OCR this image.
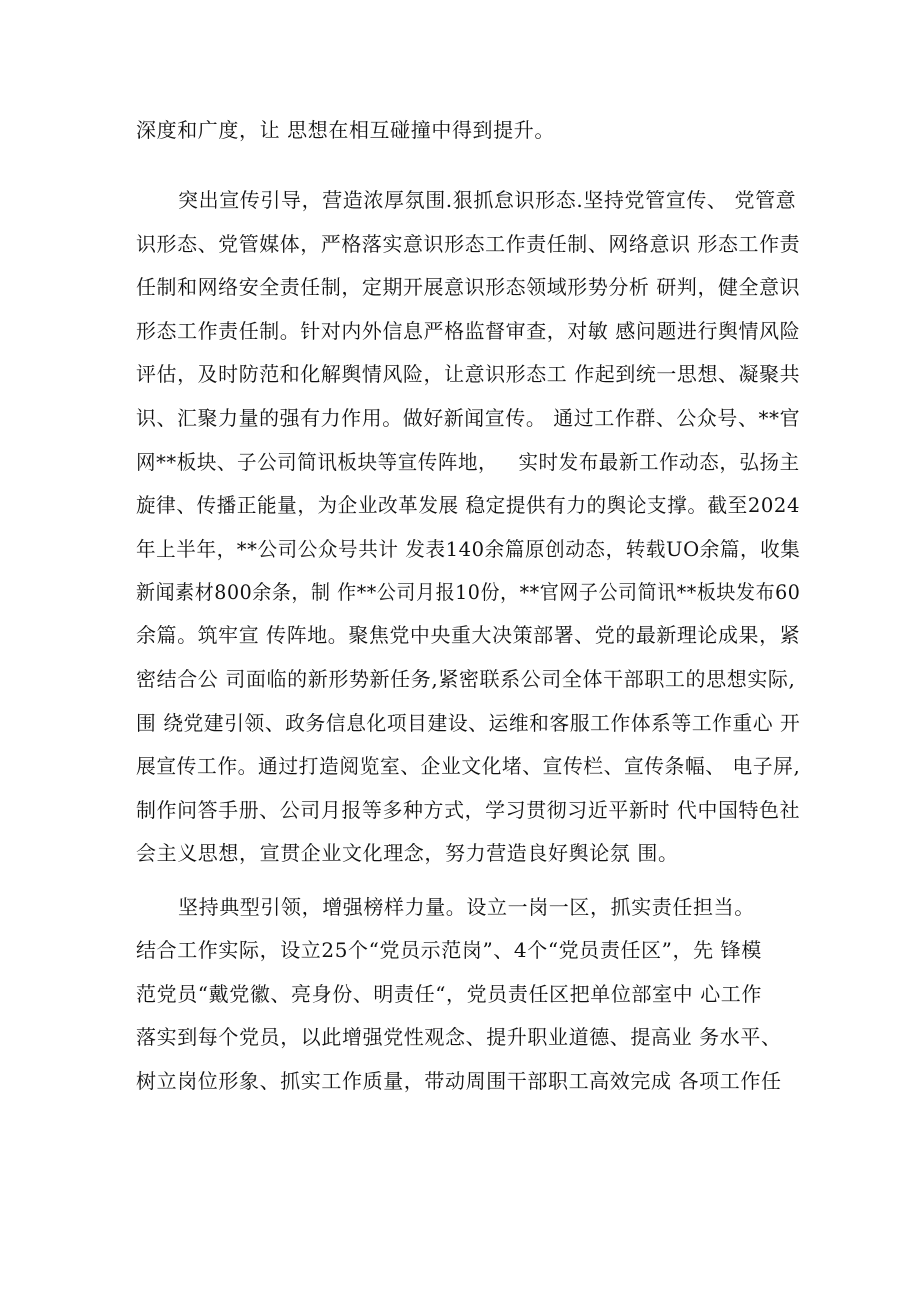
深度和广度，让 思想在相互碰撞中得到提升。
突出宣传引导，营造浓厚氛围.狠抓怠识形态.坚持党管宣传、 党管意
识形态、党管媒体，严格落实意识形态工作责任制、网络意识 形态工作责
任制和网络安全责任制，定期开展意识形态领域形势分析 研判，健全意识
形态工作责任制。针对内外信息严格监督审查，对敏 感问题进行舆情风险
评估，及时防范和化解舆情风险，让意识形态工 作起到统一思想、凝聚共
识、汇聚力量的强有力作用。做好新闻宣传。 通过工作群、公众号、**官
网**板块、子公司简讯板块等宣传阵地，   实时发布最新工作动态，弘扬主
旋律、传播正能量，为企业改革发展 稳定提供有力的舆论支撑。截至2024
年上半年，**公司公众号共计 发表140余篇原创动态，转载UO余篇，收集
新闻素材800余条，制 作**公司月报10份，**官网子公司简讯**板块发布60
余篇。筑牢宣 传阵地。聚焦党中央重大决策部署、党的最新理论成果，紧
密结合公 司面临的新形势新任务,紧密联系公司全体干部职工的思想实际,
围 绕党建引领、政务信息化项目建设、运维和客服工作体系等工作重心 开
展宣传工作。通过打造阅览室、企业文化堵、宣传栏、宣传条幅、 电子屏,
制作问答手册、公司月报等多种方式，学习贯彻习近平新时 代中国特色社
会主义思想，宣贯企业文化理念，努力营造良好舆论氛 围。
坚持典型引领，增强榜样力量。设立一岗一区，抓实责任担当。
结合工作实际，设立25个“党员示范岗”、4个“党员责任区”，先 锋模
范党员“戴党徽、亮身份、明责任“，党员责任区把单位部室中 心工作
落实到每个党员，以此增强党性观念、提升职业道德、提高业 务水平、
树立岗位形象、抓实工作质量，带动周围干部职工高效完成 各项工作任
